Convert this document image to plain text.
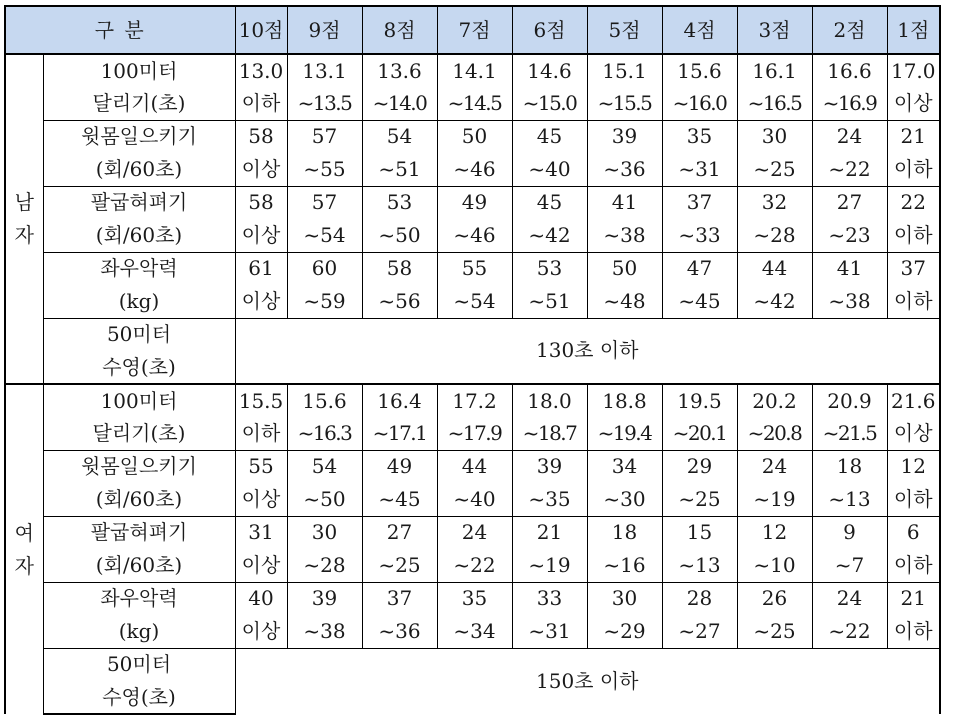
구 분		10점	9점	8점	7점	6점	5점	4점	3점	2점	1점

남
자	100미터	13.0	13.1	13.6	14.1	14.6	15.1	15.6	16.1	16.6	17.0
	달리기(초)	이하	~13.5	~14.0	~14.5	~15.0	~15.5	~16.0	~16.5	~16.9	이상
	윗몸일으키기	58	57	54	50	45	39	35	30	24	21
	(회/60초)	이상	~55	~51	~46	~40	~36	~31	~25	~22	이하
	팔굽혀펴기	58	57	53	49	45	41	37	32	27	22
	(회/60초)	이상	~54	~50	~46	~42	~38	~33	~28	~23	이하
	좌우악력	61	60	58	55	53	50	47	44	41	37
	(kg)	이상	~59	~56	~54	~51	~48	~45	~42	~38	이하
	50미터	130초 이하									
	수영(초)										

여
자	100미터	15.5	15.6	16.4	17.2	18.0	18.8	19.5	20.2	20.9	21.6
	달리기(초)	이하	~16.3	~17.1	~17.9	~18.7	~19.4	~20.1	~20.8	~21.5	이상
	윗몸일으키기	55	54	49	44	39	34	29	24	18	12
	(회/60초)	이상	~50	~45	~40	~35	~30	~25	~19	~13	이하
	팔굽혀펴기	31	30	27	24	21	18	15	12	9	6
	(회/60초)	이상	~28	~25	~22	~19	~16	~13	~10	~7	이하
	좌우악력	40	39	37	35	33	30	28	26	24	21
	(kg)	이상	~38	~36	~34	~31	~29	~27	~25	~22	이하
	50미터	150초 이하									
	수영(초)										
